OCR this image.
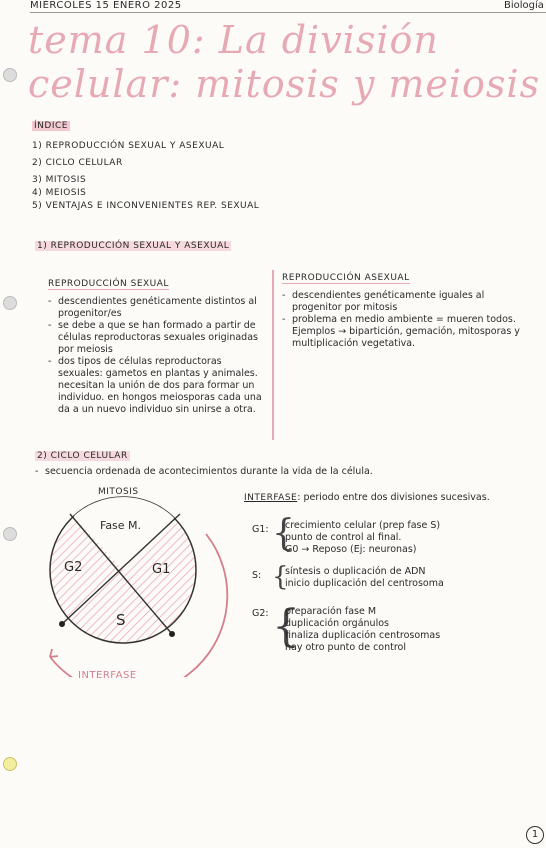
MIÉRCOLES 15 ENERO 2025	Biología
tema 10: La división
celular: mitosis y meiosis
ÍNDICE
1) REPRODUCCIÓN SEXUAL Y ASEXUAL
2) CICLO CELULAR
3) MITOSIS
4) MEIOSIS
5) VENTAJAS E INCONVENIENTES REP. SEXUAL
1) REPRODUCCIÓN SEXUAL Y ASEXUAL
REPRODUCCIÓN SEXUAL
- descendientes genéticamente distintos al progenitor/es
- se debe a que se han formado a partir de células reproductoras sexuales originadas por meiosis
- dos tipos de células reproductoras sexuales: gametos en plantas y animales. necesitan la unión de dos para formar un individuo. en hongos meiosporas cada una da a un nuevo individuo sin unirse a otra.
REPRODUCCIÓN ASEXUAL
- descendientes genéticamente iguales al progenitor por mitosis
- problema en medio ambiente = mueren todos. Ejemplos → bipartición, gemación, mitosporas y multiplicación vegetativa.
2) CICLO CELULAR
- secuencia ordenada de acontecimientos durante la vida de la célula.
MITOSIS
Fase M.
G2	G1
S
INTERFASE
INTERFASE: periodo entre dos divisiones sucesivas.
G1: {
crecimiento celular (prep fase S)
punto de control al final.
G0 → Reposo (Ej: neuronas)
S: {
síntesis o duplicación de ADN
inicio duplicación del centrosoma
G2: {
preparación fase M
duplicación orgánulos
finaliza duplicación centrosomas
hay otro punto de control
1
